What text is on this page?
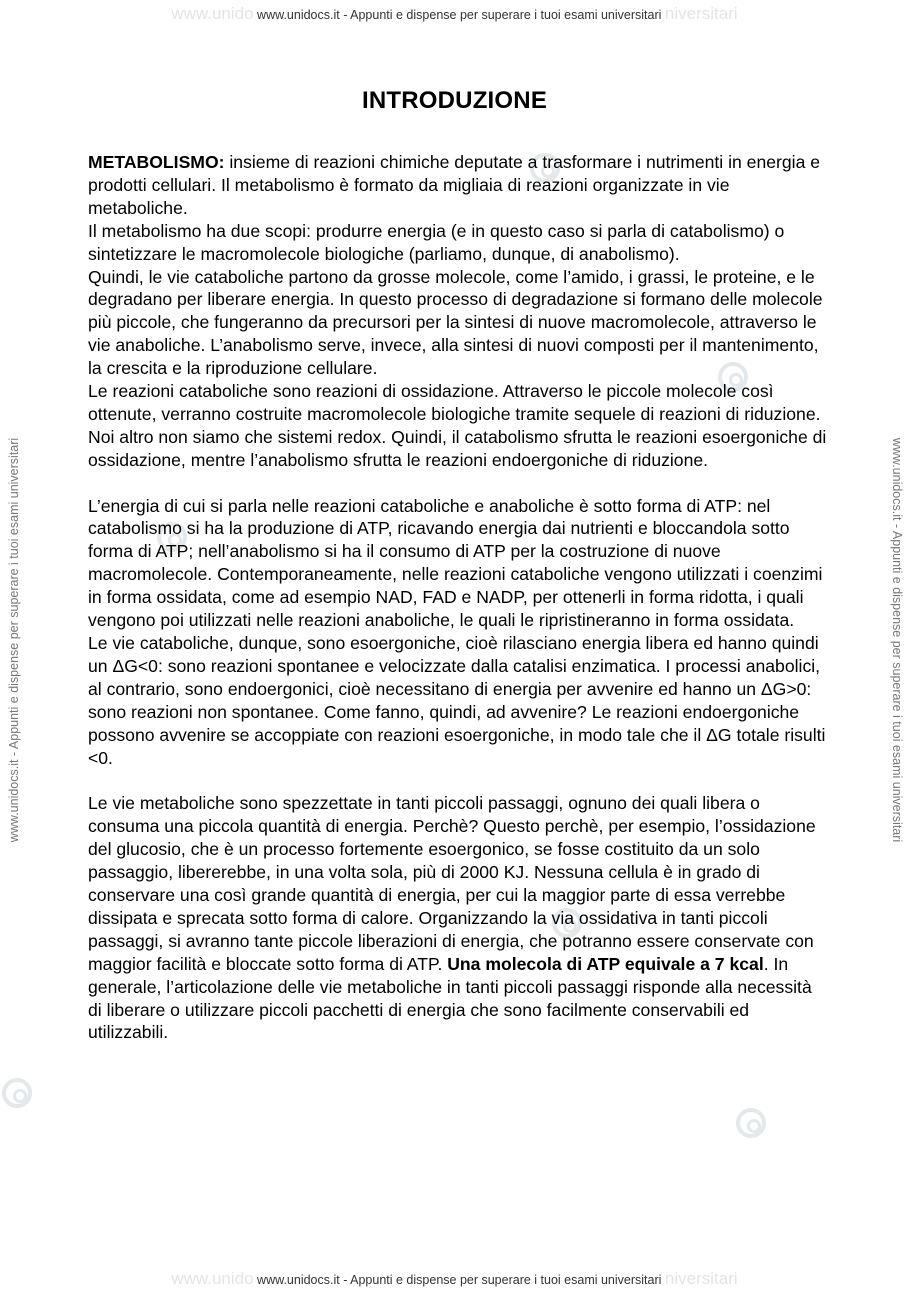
www.unido www.unidocs.it - Appunti e dispense per superare i tuoi esami universitari niversitari
www.unidocs.it - Appunti e dispense per superare i tuoi esami universitari	www.unidocs.it - Appunti e dispense per superare i tuoi esami universitari
INTRODUZIONE

METABOLISMO: insieme di reazioni chimiche deputate a trasformare i nutrimenti in energia e prodotti cellulari. Il metabolismo è formato da migliaia di reazioni organizzate in vie metaboliche.

Il metabolismo ha due scopi: produrre energia (e in questo caso si parla di catabolismo) o sintetizzare le macromolecole biologiche (parliamo, dunque, di anabolismo).

Quindi, le vie cataboliche partono da grosse molecole, come l’amido, i grassi, le proteine, e le degradano per liberare energia. In questo processo di degradazione si formano delle molecole più piccole, che fungeranno da precursori per la sintesi di nuove macromolecole, attraverso le vie anaboliche. L’anabolismo serve, invece, alla sintesi di nuovi composti per il mantenimento, la crescita e la riproduzione cellulare.

Le reazioni cataboliche sono reazioni di ossidazione. Attraverso le piccole molecole così ottenute, verranno costruite macromolecole biologiche tramite sequele di reazioni di riduzione. Noi altro non siamo che sistemi redox. Quindi, il catabolismo sfrutta le reazioni esoergoniche di ossidazione, mentre l’anabolismo sfrutta le reazioni endoergoniche di riduzione.

L’energia di cui si parla nelle reazioni cataboliche e anaboliche è sotto forma di ATP: nel catabolismo si ha la produzione di ATP, ricavando energia dai nutrienti e bloccandola sotto forma di ATP; nell’anabolismo si ha il consumo di ATP per la costruzione di nuove macromolecole. Contemporaneamente, nelle reazioni cataboliche vengono utilizzati i coenzimi in forma ossidata, come ad esempio NAD, FAD e NADP, per ottenerli in forma ridotta, i quali vengono poi utilizzati nelle reazioni anaboliche, le quali le ripristineranno in forma ossidata.

Le vie cataboliche, dunque, sono esoergoniche, cioè rilasciano energia libera ed hanno quindi un ΔG<0: sono reazioni spontanee e velocizzate dalla catalisi enzimatica. I processi anabolici, al contrario, sono endoergonici, cioè necessitano di energia per avvenire ed hanno un ΔG>0: sono reazioni non spontanee. Come fanno, quindi, ad avvenire? Le reazioni endoergoniche possono avvenire se accoppiate con reazioni esoergoniche, in modo tale che il ΔG totale risulti <0.

Le vie metaboliche sono spezzettate in tanti piccoli passaggi, ognuno dei quali libera o consuma una piccola quantità di energia. Perchè? Questo perchè, per esempio, l’ossidazione del glucosio, che è un processo fortemente esoergonico, se fosse costituito da un solo passaggio, libererebbe, in una volta sola, più di 2000 KJ. Nessuna cellula è in grado di conservare una così grande quantità di energia, per cui la maggior parte di essa verrebbe dissipata e sprecata sotto forma di calore. Organizzando la via ossidativa in tanti piccoli passaggi, si avranno tante piccole liberazioni di energia, che potranno essere conservate con maggior facilità e bloccate sotto forma di ATP. Una molecola di ATP equivale a 7 kcal. In generale, l’articolazione delle vie metaboliche in tanti piccoli passaggi risponde alla necessità di liberare o utilizzare piccoli pacchetti di energia che sono facilmente conservabili ed utilizzabili.

www.unido www.unidocs.it - Appunti e dispense per superare i tuoi esami universitari niversitari
